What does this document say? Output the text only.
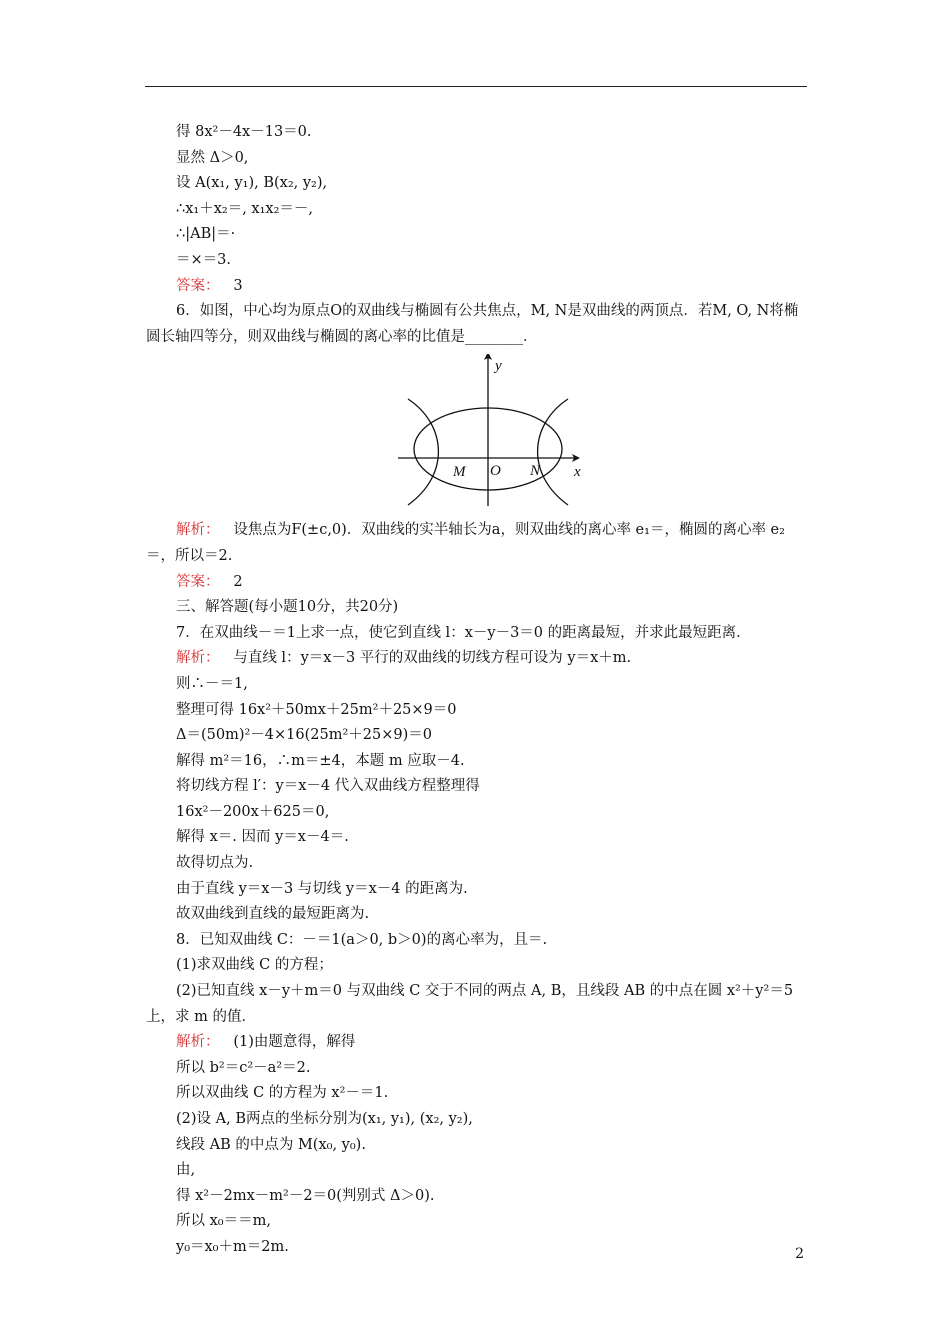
得 8x²－4x－13＝0.
显然 Δ＞0,
设 A(x₁, y₁), B(x₂, y₂),
∴x₁＋x₂＝, x₁x₂＝－,
∴|AB|＝·
＝×＝3.
答案： 3
6．如图，中心均为原点O的双曲线与椭圆有公共焦点，M, N是双曲线的两顶点．若M, O, N将椭圆长轴四等分，则双曲线与椭圆的离心率的比值是________．
x
y
M O N
解析： 设焦点为F(±c,0)．双曲线的实半轴长为a，则双曲线的离心率 e₁＝，椭圆的离心率 e₂＝，所以＝2.
答案： 2
三、解答题(每小题10分，共20分)
7．在双曲线－＝1上求一点，使它到直线 l：x－y－3＝0 的距离最短，并求此最短距离．
解析： 与直线 l：y＝x－3 平行的双曲线的切线方程可设为 y＝x＋m.
则∴－＝1,
整理可得 16x²＋50mx＋25m²＋25×9＝0
Δ＝(50m)²－4×16(25m²＋25×9)＝0
解得 m²＝16，∴m＝±4，本题 m 应取－4.
将切线方程 l′：y＝x－4 代入双曲线方程整理得
16x²－200x＋625＝0,
解得 x＝. 因而 y＝x－4＝.
故得切点为.
由于直线 y＝x－3 与切线 y＝x－4 的距离为.
故双曲线到直线的最短距离为.
8．已知双曲线 C：－＝1(a＞0, b＞0)的离心率为，且＝.
(1)求双曲线 C 的方程；
(2)已知直线 x－y＋m＝0 与双曲线 C 交于不同的两点 A, B，且线段 AB 的中点在圆 x²＋y²＝5上，求 m 的值．
解析： (1)由题意得，解得
所以 b²＝c²－a²＝2.
所以双曲线 C 的方程为 x²－＝1.
(2)设 A, B两点的坐标分别为(x₁, y₁), (x₂, y₂),
线段 AB 的中点为 M(x₀, y₀).
由,
得 x²－2mx－m²－2＝0(判别式 Δ＞0).
所以 x₀＝＝m,
y₀＝x₀＋m＝2m.	2
